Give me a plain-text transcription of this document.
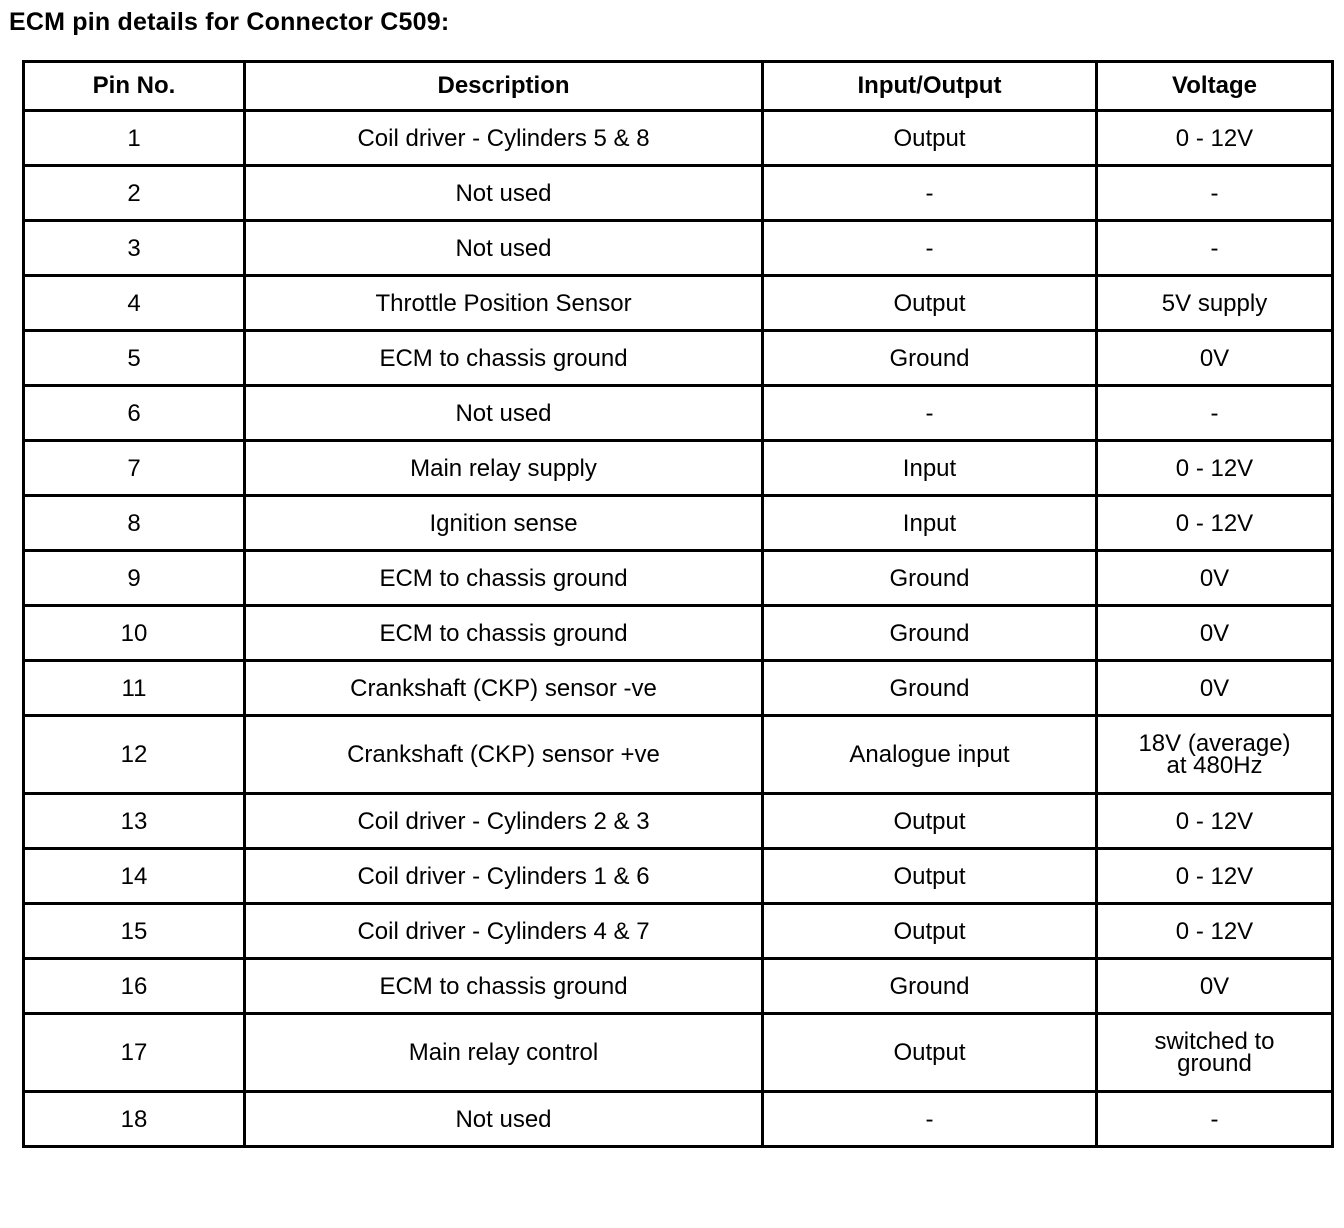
ECM pin details for Connector C509:
Pin No.	Description	Input/Output	Voltage
1	Coil driver - Cylinders 5 & 8	Output	0 - 12V
2	Not used	-	-
3	Not used	-	-
4	Throttle Position Sensor	Output	5V supply
5	ECM to chassis ground	Ground	0V
6	Not used	-	-
7	Main relay supply	Input	0 - 12V
8	Ignition sense	Input	0 - 12V
9	ECM to chassis ground	Ground	0V
10	ECM to chassis ground	Ground	0V
11	Crankshaft (CKP) sensor -ve	Ground	0V
12	Crankshaft (CKP) sensor +ve	Analogue input	18V (average)
at 480Hz

13	Coil driver - Cylinders 2 & 3	Output	0 - 12V
14	Coil driver - Cylinders 1 & 6	Output	0 - 12V
15	Coil driver - Cylinders 4 & 7	Output	0 - 12V
16	ECM to chassis ground	Ground	0V
17	Main relay control	Output	switched to
ground

18	Not used	-	-
